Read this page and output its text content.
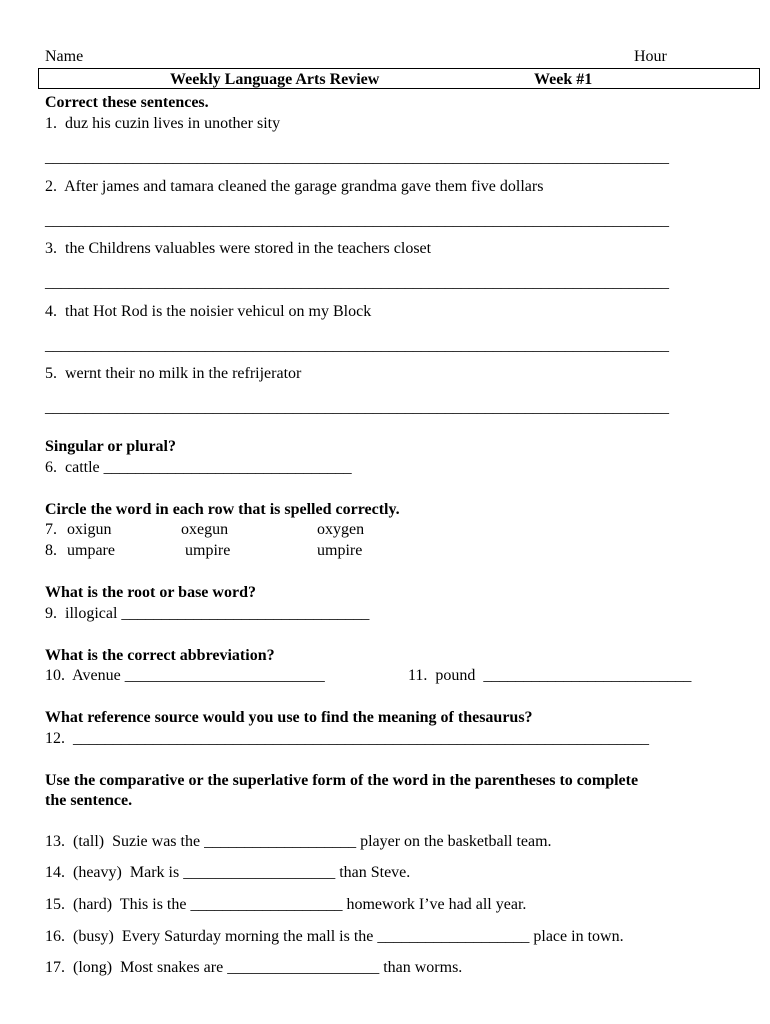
Name	Hour
Weekly Language Arts Review	Week #1
Correct these sentences.
1.  duz his cuzin lives in unother sity
______________________________________________________________________________
2.  After james and tamara cleaned the garage grandma gave them five dollars
______________________________________________________________________________
3.  the Childrens valuables were stored in the teachers closet
______________________________________________________________________________
4.  that Hot Rod is the noisier vehicul on my Block
______________________________________________________________________________
5.  wernt their no milk in the refrijerator
______________________________________________________________________________
Singular or plural?
6.  cattle _______________________________
Circle the word in each row that is spelled correctly.
7. oxigun	oxegun	oxygen
8. umpare	umpire	umpire
What is the root or base word?
9.  illogical _______________________________
What is the correct abbreviation?
10.  Avenue _________________________	11.  pound  __________________________
What reference source would you use to find the meaning of thesaurus?
12.  ________________________________________________________________________
Use the comparative or the superlative form of the word in the parentheses to complete
the sentence.
13.  (tall)  Suzie was the ___________________ player on the basketball team.
14.  (heavy)  Mark is ___________________ than Steve.
15.  (hard)  This is the ___________________ homework I’ve had all year.
16.  (busy)  Every Saturday morning the mall is the ___________________ place in town.
17.  (long)  Most snakes are ___________________ than worms.
